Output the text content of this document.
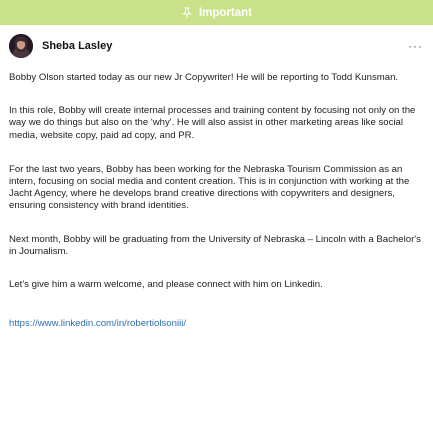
Important
Sheba Lasley	···

Bobby Olson started today as our new Jr Copywriter! He will be reporting to Todd Kunsman.

In this role, Bobby will create internal processes and training content by focusing not only on the way we do things but also on the 'why'. He will also assist in other marketing areas like social media, website copy, paid ad copy, and PR.

For the last two years, Bobby has been working for the Nebraska Tourism Commission as an intern, focusing on social media and content creation. This is in conjunction with working at the Jacht Agency, where he develops brand creative directions with copywriters and designers, ensuring consistency with brand identities.

Next month, Bobby will be graduating from the University of Nebraska – Lincoln with a Bachelor's in Journalism.

Let's give him a warm welcome, and please connect with him on Linkedin.

https://www.linkedin.com/in/robertiolsoniii/
